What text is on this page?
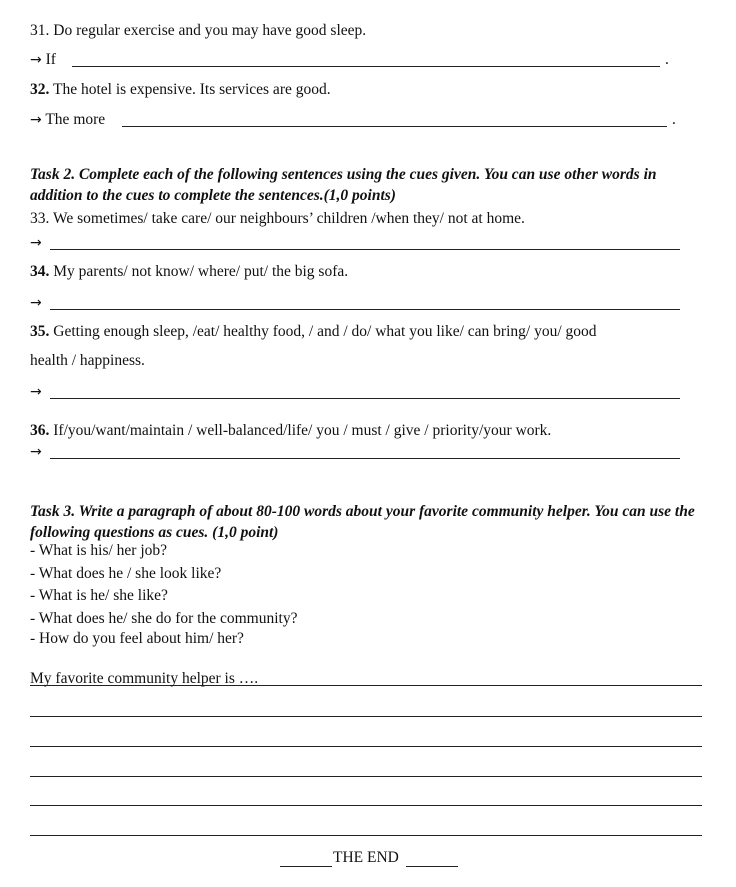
31. Do regular exercise and you may have good sleep.
→ If	.
32. The hotel is expensive. Its services are good.
→ The more	.
Task 2. Complete each of the following sentences using the cues given. You can use other words in addition to the cues to complete the sentences.(1,0 points)
33. We sometimes/ take care/ our neighbours’ children /when they/ not at home.
→
34. My parents/ not know/ where/ put/ the big sofa.
→
35. Getting enough sleep, /eat/ healthy food, / and / do/ what you like/ can bring/ you/ good
health / happiness.
→
36. If/you/want/maintain / well-balanced/life/ you / must / give / priority/your work.
→
Task 3. Write a paragraph of about 80-100 words about your favorite community helper. You can use the following questions as cues. (1,0 point)
- What is his/ her job?
- What does he / she look like?
- What is he/ she like?
- What does he/ she do for the community?
- How do you feel about him/ her?
My favorite community helper is ….
THE END
